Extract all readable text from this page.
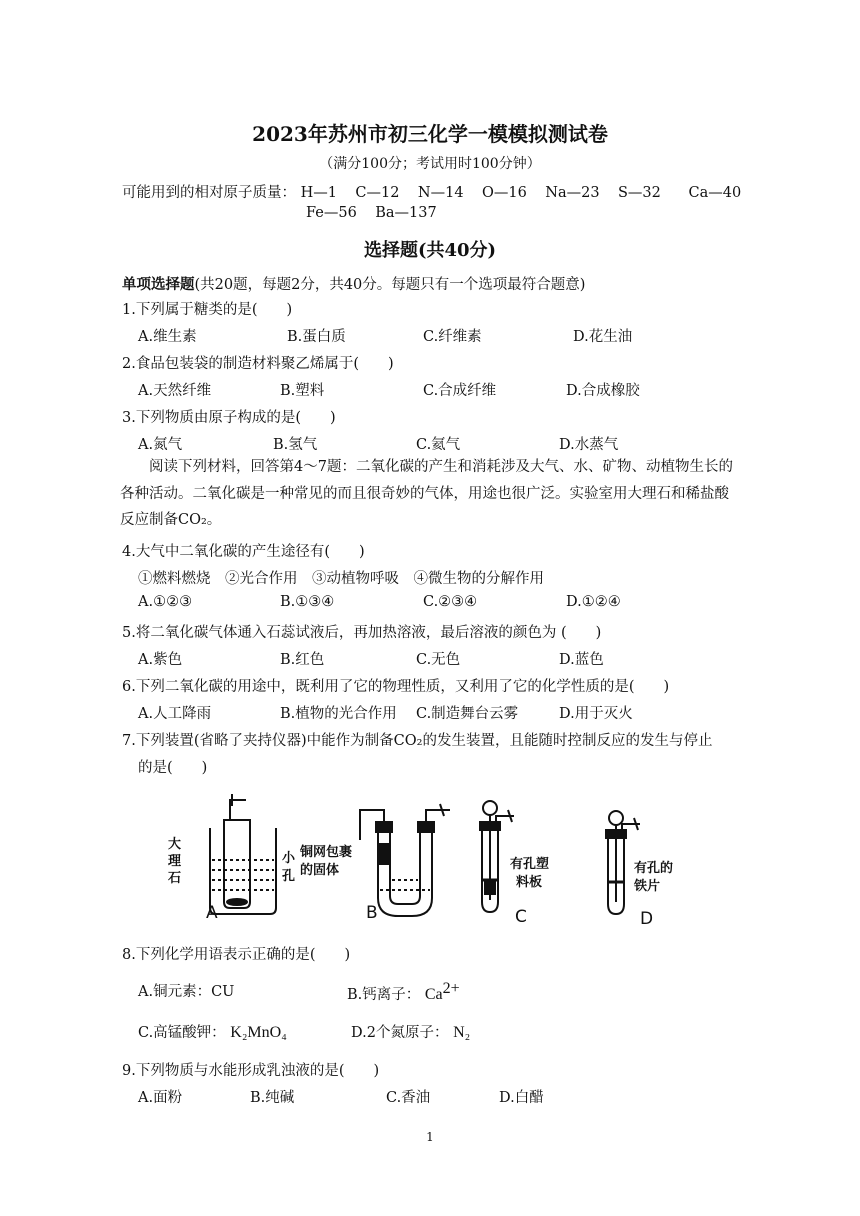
2023年苏州市初三化学一模模拟测试卷
（满分100分；考试用时100分钟）
可能用到的相对原子质量： H—1 C—12 N—14 O—16 Na—23 S—32 Ca—40
Fe—56 Ba—137
选择题(共40分)
单项选择题(共20题，每题2分，共40分。每题只有一个选项最符合题意)
1.下列属于糖类的是(　　)
A.维生素	B.蛋白质	C.纤维素	D.花生油
2.食品包装袋的制造材料聚乙烯属于(　　)
A.天然纤维	B.塑料	C.合成纤维	D.合成橡胶
3.下列物质由原子构成的是(　　)
A.氮气	B.氢气	C.氦气	D.水蒸气
阅读下列材料，回答第4～7题：二氧化碳的产生和消耗涉及大气、水、矿物、动植物生长的各种活动。二氧化碳是一种常见的而且很奇妙的气体，用途也很广泛。实验室用大理石和稀盐酸反应制备CO₂。
4.大气中二氧化碳的产生途径有(　　)
①燃料燃烧　②光合作用　③动植物呼吸　④微生物的分解作用
A.①②③	B.①③④	C.②③④	D.①②④
5.将二氧化碳气体通入石蕊试液后，再加热溶液，最后溶液的颜色为 (　　)
A.紫色	B.红色	C.无色	D.蓝色
6.下列二氧化碳的用途中，既利用了它的物理性质，又利用了它的化学性质的是(　　)
A.人工降雨	B.植物的光合作用 C.制造舞台云雾	D.用于灭火
7.下列装置(省略了夹持仪器)中能作为制备CO₂的发生装置，且能随时控制反应的发生与停止
的是(　　)
大
理
石
小
孔
铜网包裹
的固体	有孔塑
料板
有孔的
铁片
A	B	C	D
8.下列化学用语表示正确的是(　　)
A.铜元素：CU	B.钙离子： $Ca^{2+}$
C.高锰酸钾： K₂MnO₄	D.2个氮原子： N₂
9.下列物质与水能形成乳浊液的是(　　)
A.面粉	B.纯碱	C.香油	D.白醋
1
